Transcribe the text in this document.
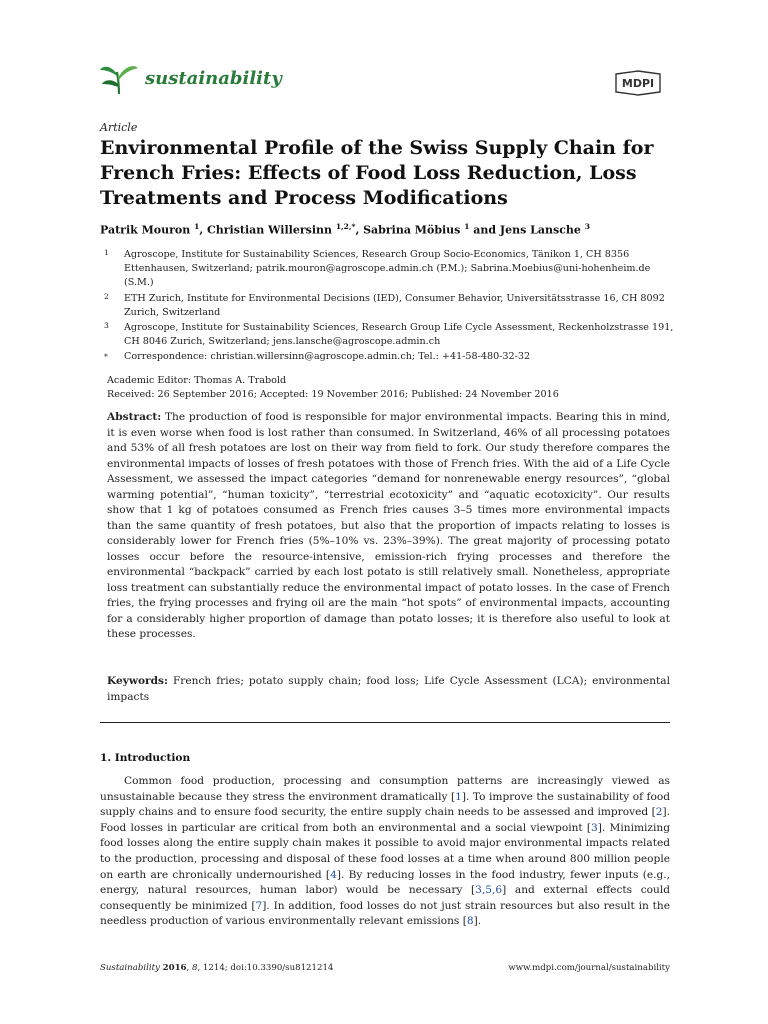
sustainability	MDPI
Article
Environmental Profile of the Swiss Supply Chain for French Fries: Effects of Food Loss Reduction, Loss Treatments and Process Modifications
Patrik Mouron $^1$, Christian Willersinn $^{1,2,*}$, Sabrina Möbius $^1$ and Jens Lansche $^3$
1 Agroscope, Institute for Sustainability Sciences, Research Group Socio-Economics, Tänikon 1, CH 8356 Ettenhausen, Switzerland; patrik.mouron@agroscope.admin.ch (P.M.); Sabrina.Moebius@uni-hohenheim.de (S.M.)
2 ETH Zurich, Institute for Environmental Decisions (IED), Consumer Behavior, Universitätsstrasse 16, CH 8092 Zurich, Switzerland
3 Agroscope, Institute for Sustainability Sciences, Research Group Life Cycle Assessment, Reckenholzstrasse 191, CH 8046 Zurich, Switzerland; jens.lansche@agroscope.admin.ch
* Correspondence: christian.willersinn@agroscope.admin.ch; Tel.: +41-58-480-32-32
Academic Editor: Thomas A. Trabold
Received: 26 September 2016; Accepted: 19 November 2016; Published: 24 November 2016
Abstract: The production of food is responsible for major environmental impacts. Bearing this in mind, it is even worse when food is lost rather than consumed. In Switzerland, 46% of all processing potatoes and 53% of all fresh potatoes are lost on their way from field to fork. Our study therefore compares the environmental impacts of losses of fresh potatoes with those of French fries. With the aid of a Life Cycle Assessment, we assessed the impact categories “demand for nonrenewable energy resources”, “global warming potential”, “human toxicity”, “terrestrial ecotoxicity” and “aquatic ecotoxicity”. Our results show that 1 kg of potatoes consumed as French fries causes 3–5 times more environmental impacts than the same quantity of fresh potatoes, but also that the proportion of impacts relating to losses is considerably lower for French fries (5%–10% vs. 23%–39%). The great majority of processing potato losses occur before the resource-intensive, emission-rich frying processes and therefore the environmental “backpack” carried by each lost potato is still relatively small. Nonetheless, appropriate loss treatment can substantially reduce the environmental impact of potato losses. In the case of French fries, the frying processes and frying oil are the main “hot spots” of environmental impacts, accounting for a considerably higher proportion of damage than potato losses; it is therefore also useful to look at these processes.
Keywords: French fries; potato supply chain; food loss; Life Cycle Assessment (LCA); environmental impacts
1. Introduction

Common food production, processing and consumption patterns are increasingly viewed as unsustainable because they stress the environment dramatically [1]. To improve the sustainability of food supply chains and to ensure food security, the entire supply chain needs to be assessed and improved [2]. Food losses in particular are critical from both an environmental and a social viewpoint [3]. Minimizing food losses along the entire supply chain makes it possible to avoid major environmental impacts related to the production, processing and disposal of these food losses at a time when around 800 million people on earth are chronically undernourished [4]. By reducing losses in the food industry, fewer inputs (e.g., energy, natural resources, human labor) would be necessary [3,5,6] and external effects could consequently be minimized [7]. In addition, food losses do not just strain resources but also result in the needless production of various environmentally relevant emissions [8].

Sustainability 2016, 8, 1214; doi:10.3390/su8121214	www.mdpi.com/journal/sustainability
